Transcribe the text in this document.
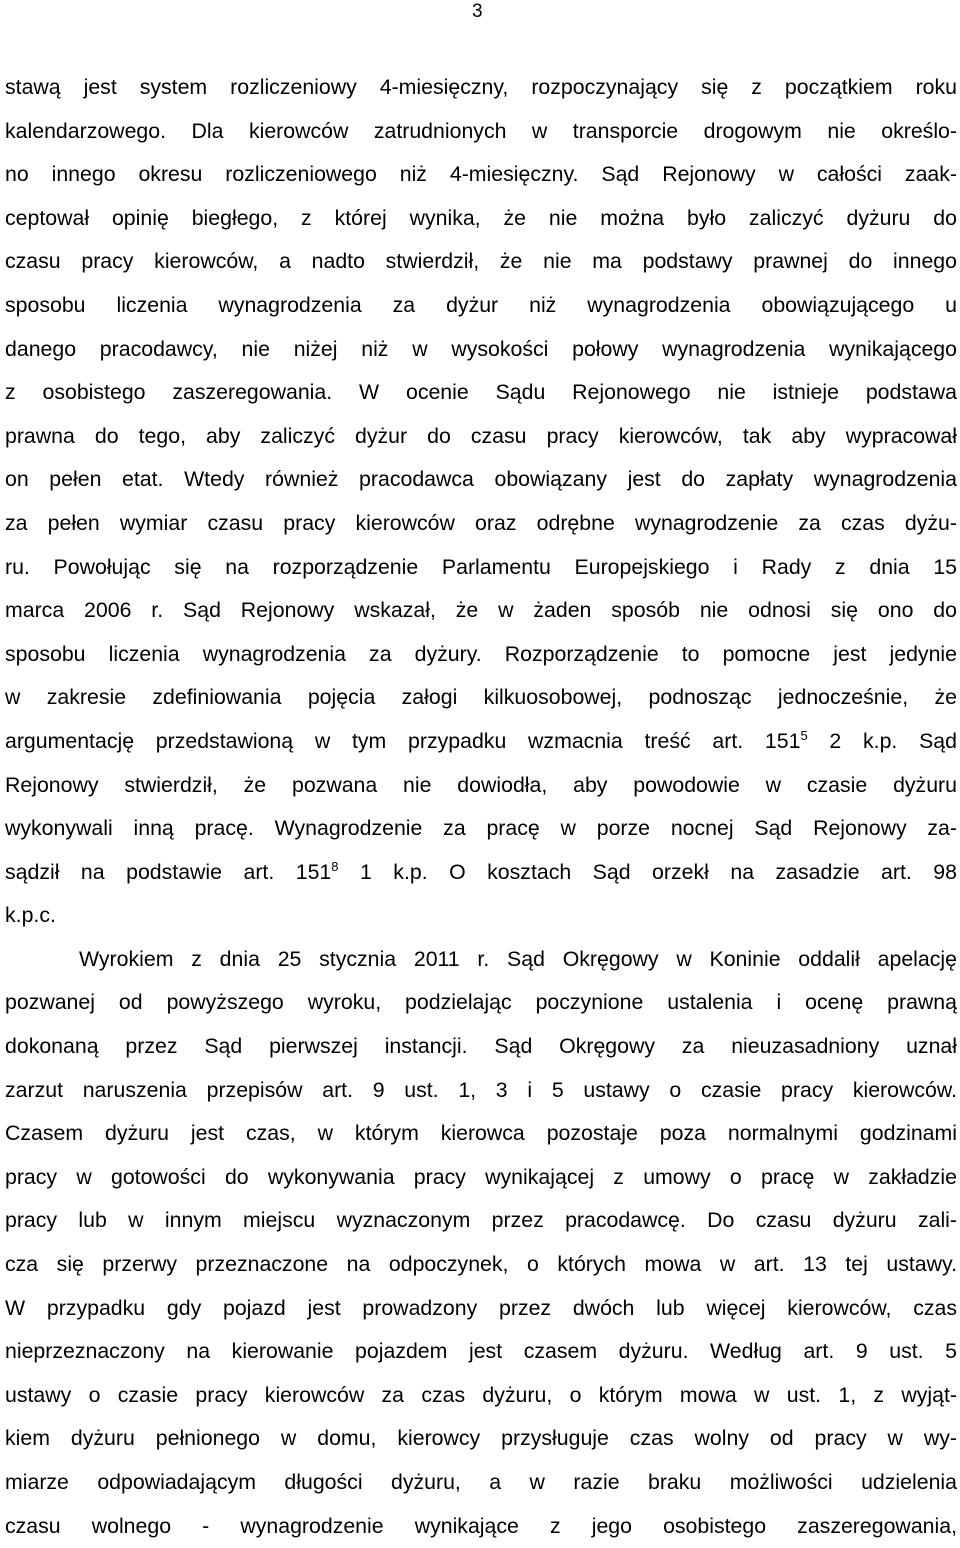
3
stawą jest system rozliczeniowy 4-miesięczny, rozpoczynający się z początkiem roku
kalendarzowego. Dla kierowców zatrudnionych w transporcie drogowym nie określo-
no innego okresu rozliczeniowego niż 4-miesięczny. Sąd Rejonowy w całości zaak-
ceptował opinię biegłego, z której wynika, że nie można było zaliczyć dyżuru do
czasu pracy kierowców, a nadto stwierdził, że nie ma podstawy prawnej do innego
sposobu liczenia wynagrodzenia za dyżur niż wynagrodzenia obowiązującego u
danego pracodawcy, nie niżej niż w wysokości połowy wynagrodzenia wynikającego
z osobistego zaszeregowania. W ocenie Sądu Rejonowego nie istnieje podstawa
prawna do tego, aby zaliczyć dyżur do czasu pracy kierowców, tak aby wypracował
on pełen etat. Wtedy również pracodawca obowiązany jest do zapłaty wynagrodzenia
za pełen wymiar czasu pracy kierowców oraz odrębne wynagrodzenie za czas dyżu-
ru. Powołując się na rozporządzenie Parlamentu Europejskiego i Rady z dnia 15
marca 2006 r. Sąd Rejonowy wskazał, że w żaden sposób nie odnosi się ono do
sposobu liczenia wynagrodzenia za dyżury. Rozporządzenie to pomocne jest jedynie
w zakresie zdefiniowania pojęcia załogi kilkuosobowej, podnosząc jednocześnie, że
argumentację przedstawioną w tym przypadku wzmacnia treść art. $151^5$ 2 k.p. Sąd
Rejonowy stwierdził, że pozwana nie dowiodła, aby powodowie w czasie dyżuru
wykonywali inną pracę. Wynagrodzenie za pracę w porze nocnej Sąd Rejonowy za-
sądził na podstawie art. $151^8$ 1 k.p. O kosztach Sąd orzekł na zasadzie art. 98
k.p.c.
Wyrokiem z dnia 25 stycznia 2011 r. Sąd Okręgowy w Koninie oddalił apelację
pozwanej od powyższego wyroku, podzielając poczynione ustalenia i ocenę prawną
dokonaną przez Sąd pierwszej instancji. Sąd Okręgowy za nieuzasadniony uznał
zarzut naruszenia przepisów art. 9 ust. 1, 3 i 5 ustawy o czasie pracy kierowców.
Czasem dyżuru jest czas, w którym kierowca pozostaje poza normalnymi godzinami
pracy w gotowości do wykonywania pracy wynikającej z umowy o pracę w zakładzie
pracy lub w innym miejscu wyznaczonym przez pracodawcę. Do czasu dyżuru zali-
cza się przerwy przeznaczone na odpoczynek, o których mowa w art. 13 tej ustawy.
W przypadku gdy pojazd jest prowadzony przez dwóch lub więcej kierowców, czas
nieprzeznaczony na kierowanie pojazdem jest czasem dyżuru. Według art. 9 ust. 5
ustawy o czasie pracy kierowców za czas dyżuru, o którym mowa w ust. 1, z wyjąt-
kiem dyżuru pełnionego w domu, kierowcy przysługuje czas wolny od pracy w wy-
miarze odpowiadającym długości dyżuru, a w razie braku możliwości udzielenia
czasu wolnego - wynagrodzenie wynikające z jego osobistego zaszeregowania,
